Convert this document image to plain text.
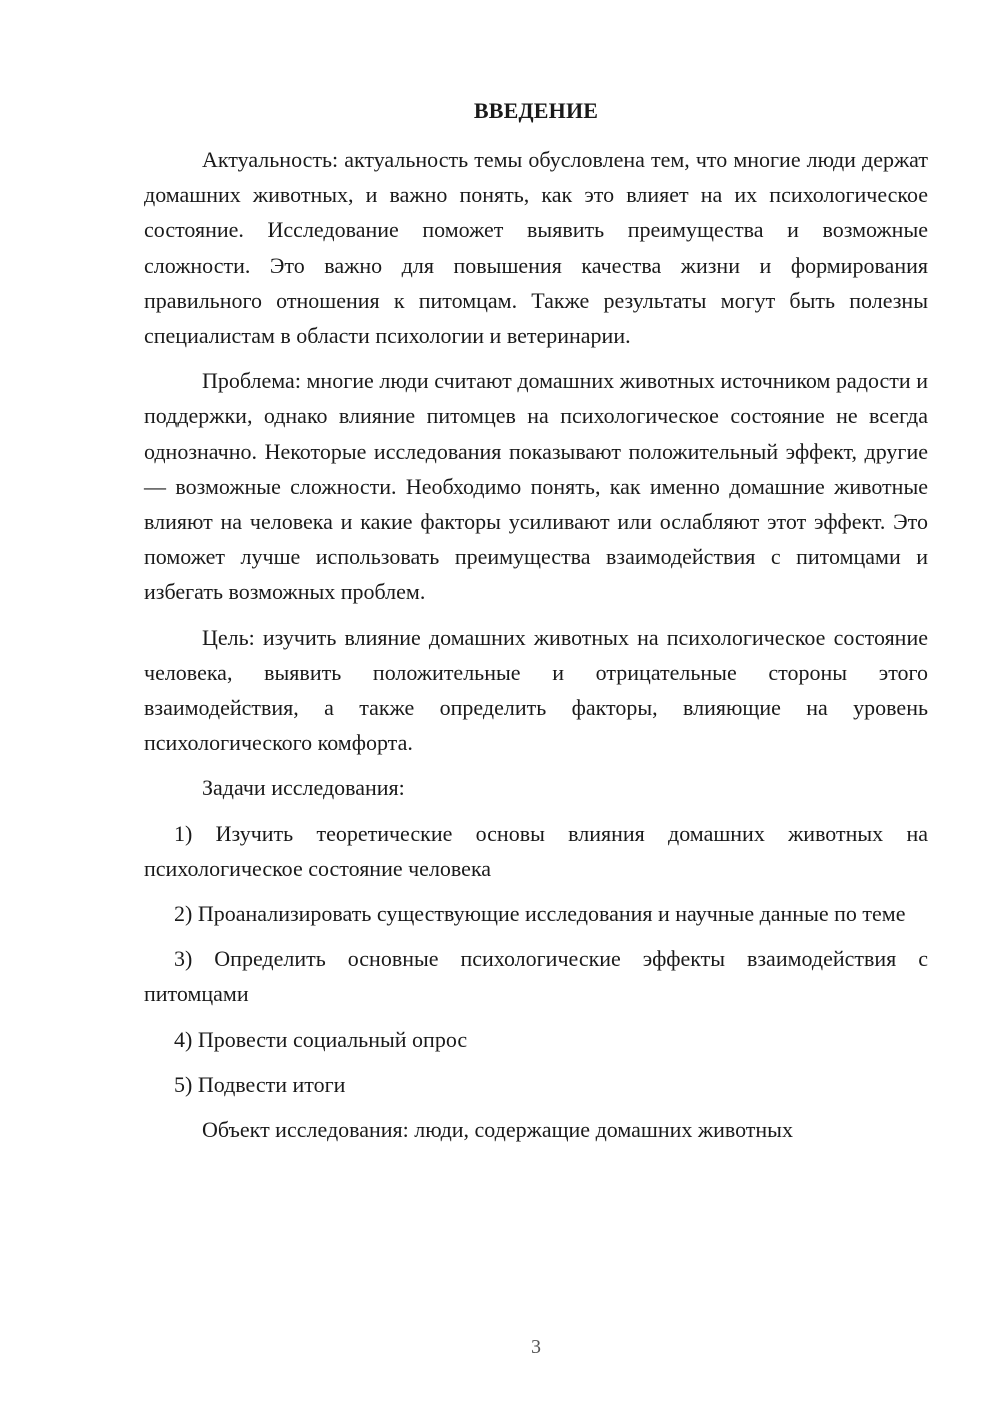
ВВЕДЕНИЕ

Актуальность: актуальность темы обусловлена тем, что многие люди держат домашних животных, и важно понять, как это влияет на их психологическое состояние. Исследование поможет выявить преимущества и возможные сложности. Это важно для повышения качества жизни и формирования правильного отношения к питомцам. Также результаты могут быть полезны специалистам в области психологии и ветеринарии.

Проблема: многие люди считают домашних животных источником радости и поддержки, однако влияние питомцев на психологическое состояние не всегда однозначно. Некоторые исследования показывают положительный эффект, другие — возможные сложности. Необходимо понять, как именно домашние животные влияют на человека и какие факторы усиливают или ослабляют этот эффект. Это поможет лучше использовать преимущества взаимодействия с питомцами и избегать возможных проблем.

Цель: изучить влияние домашних животных на психологическое состояние человека, выявить положительные и отрицательные стороны этого взаимодействия, а также определить факторы, влияющие на уровень психологического комфорта.

Задачи исследования:

1) Изучить теоретические основы влияния домашних животных на психологическое состояние человека

2) Проанализировать существующие исследования и научные данные по теме

3) Определить основные психологические эффекты взаимодействия с питомцами

4) Провести социальный опрос

5) Подвести итоги

Объект исследования: люди, содержащие домашних животных

3
